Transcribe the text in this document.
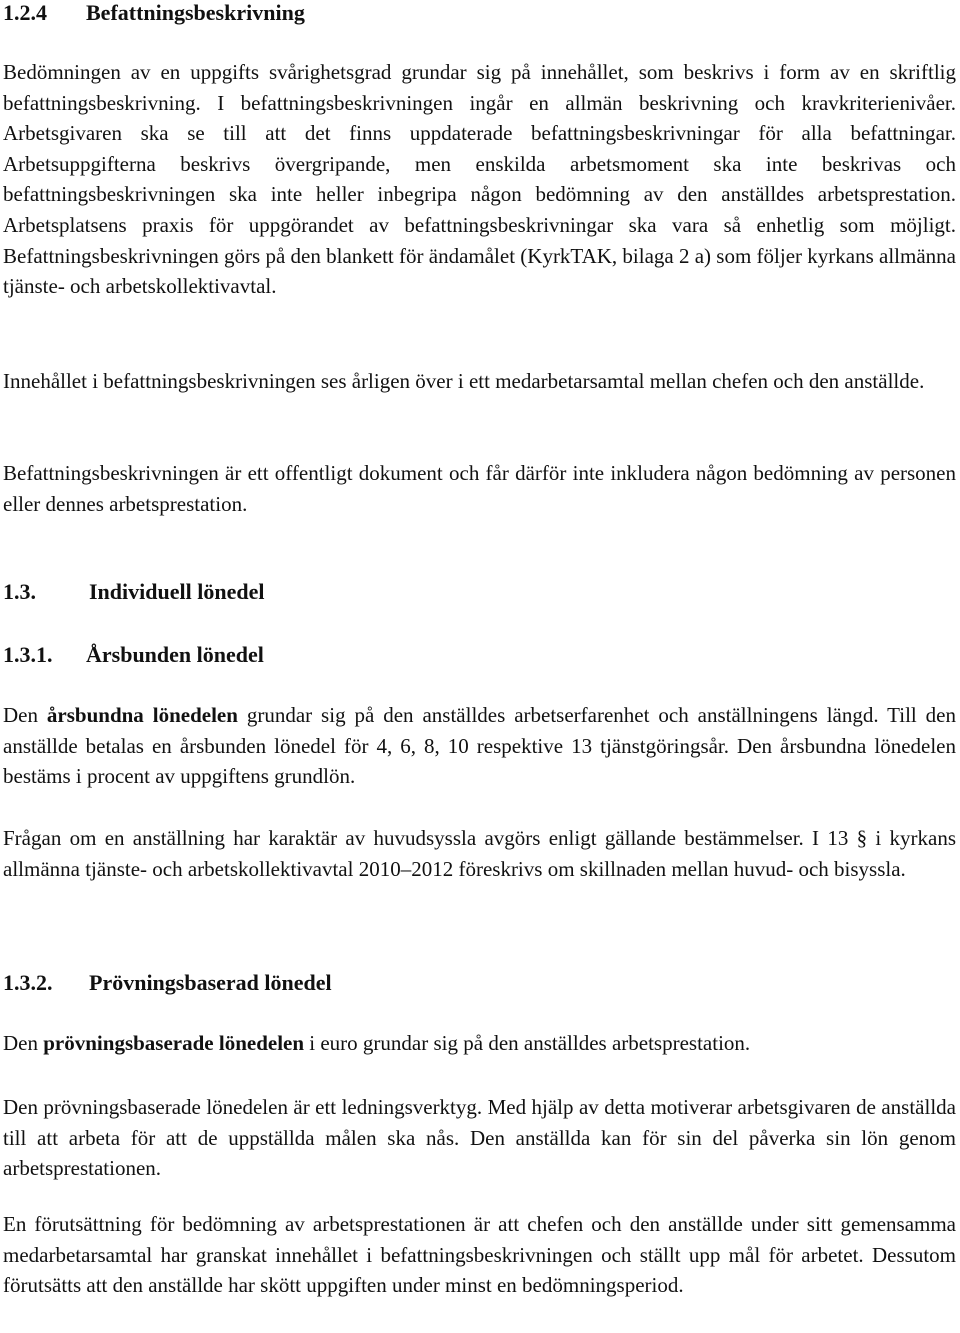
1.2.4	Befattningsbeskrivning

Bedömningen av en uppgifts svårighetsgrad grundar sig på innehållet, som beskrivs i form av en skriftlig befattningsbeskrivning. I befattningsbeskrivningen ingår en allmän beskrivning och kravkriterienivåer. Arbetsgivaren ska se till att det finns uppdaterade befattningsbeskrivningar för alla befattningar. Arbetsuppgifterna beskrivs övergripande, men enskilda arbetsmoment ska inte beskrivas och befattningsbeskrivningen ska inte heller inbegripa någon bedömning av den anställdes arbetsprestation. Arbetsplatsens praxis för uppgörandet av befattningsbeskrivningar ska vara så enhetlig som möjligt. Befattningsbeskrivningen görs på den blankett för ändamålet (KyrkTAK, bilaga 2 a) som följer kyrkans allmänna tjänste- och arbetskollektivavtal.

Innehållet i befattningsbeskrivningen ses årligen över i ett medarbetarsamtal mellan chefen och den anställde.

Befattningsbeskrivningen är ett offentligt dokument och får därför inte inkludera någon bedömning av personen eller dennes arbetsprestation.

1.3.	Individuell lönedel
1.3.1.	Årsbunden lönedel

Den årsbundna lönedelen grundar sig på den anställdes arbetserfarenhet och anställningens längd. Till den anställde betalas en årsbunden lönedel för 4, 6, 8, 10 respektive 13 tjänstgöringsår. Den årsbundna lönedelen bestäms i procent av uppgiftens grundlön.

Frågan om en anställning har karaktär av huvudsyssla avgörs enligt gällande bestämmelser. I 13 § i kyrkans allmänna tjänste- och arbetskollektivavtal 2010–2012 föreskrivs om skillnaden mellan huvud- och bisyssla.

1.3.2.	Prövningsbaserad lönedel

Den prövningsbaserade lönedelen i euro grundar sig på den anställdes arbetsprestation.

Den prövningsbaserade lönedelen är ett ledningsverktyg. Med hjälp av detta motiverar arbetsgivaren de anställda till att arbeta för att de uppställda målen ska nås. Den anställda kan för sin del påverka sin lön genom arbetsprestationen.

En förutsättning för bedömning av arbetsprestationen är att chefen och den anställde under sitt gemensamma medarbetarsamtal har granskat innehållet i befattningsbeskrivningen och ställt upp mål för arbetet. Dessutom förutsätts att den anställde har skött uppgiften under minst en bedömningsperiod.
